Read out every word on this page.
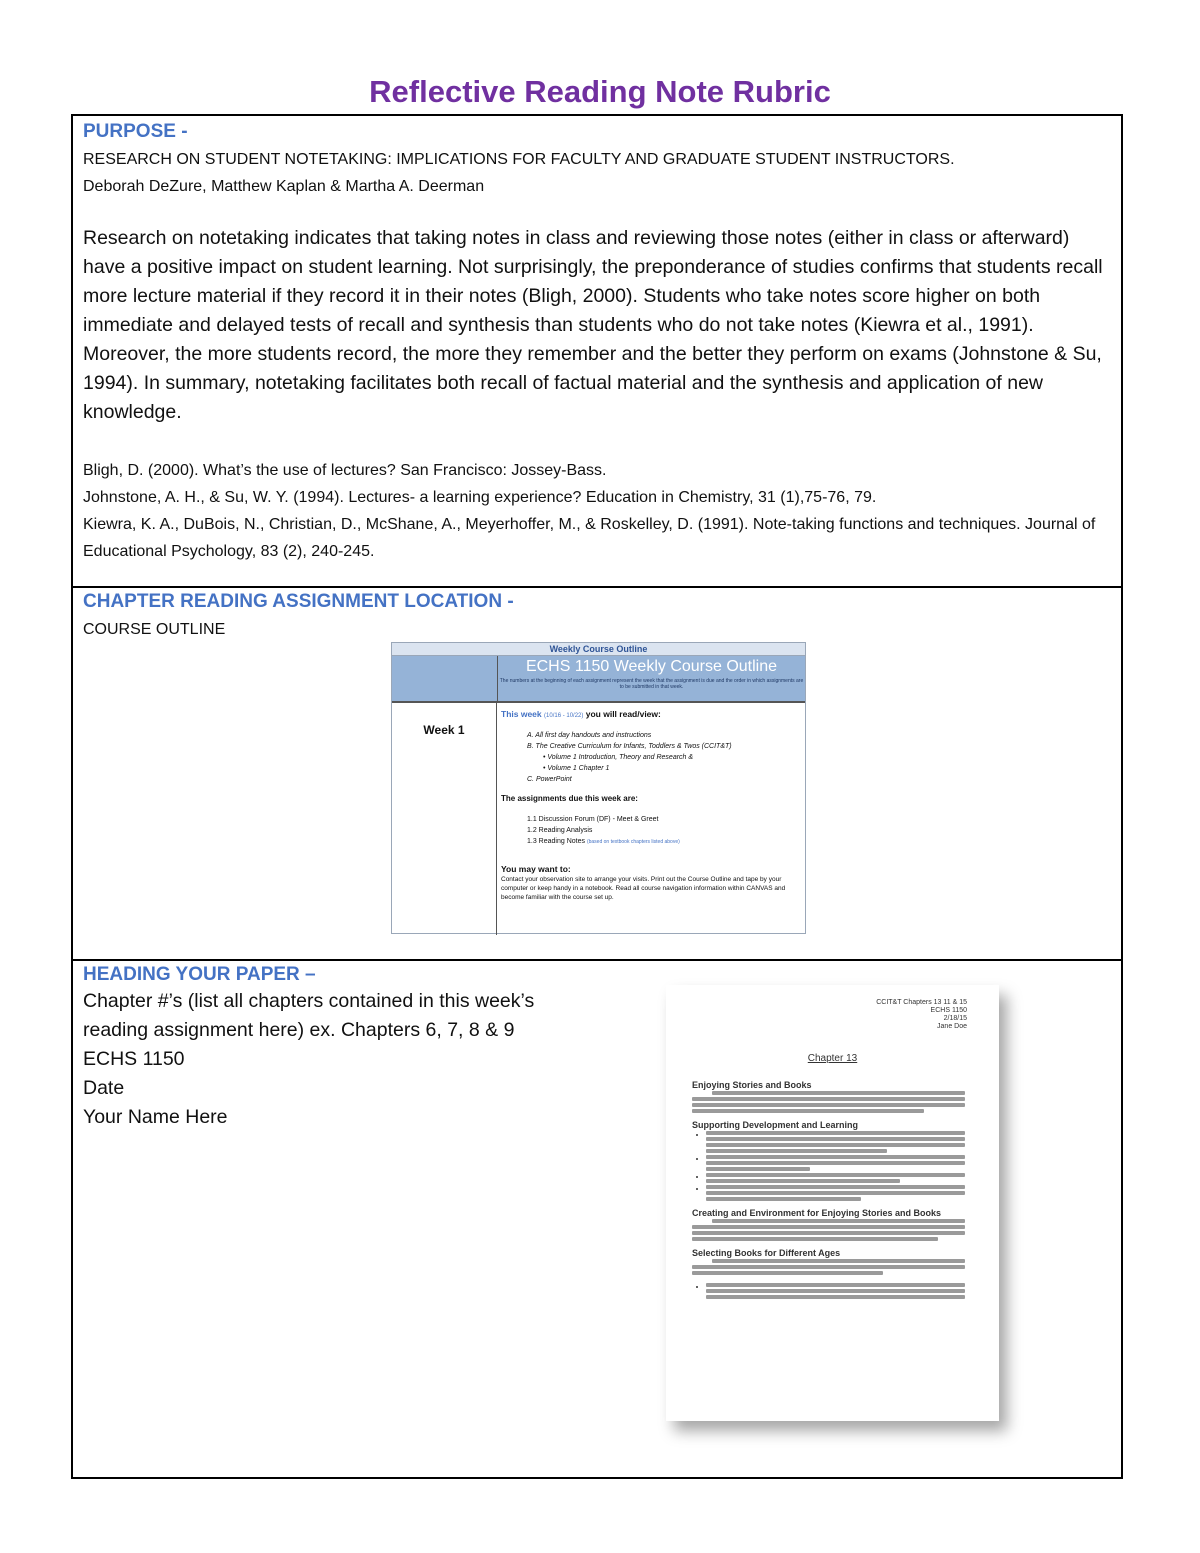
Reflective Reading Note Rubric

PURPOSE -

RESEARCH ON STUDENT NOTETAKING: IMPLICATIONS FOR FACULTY AND GRADUATE STUDENT INSTRUCTORS.

Deborah DeZure, Matthew Kaplan & Martha A. Deerman

Research on notetaking indicates that taking notes in class and reviewing those notes (either in class or afterward) have a positive impact on student learning. Not surprisingly, the preponderance of studies confirms that students recall more lecture material if they record it in their notes (Bligh, 2000). Students who take notes score higher on both immediate and delayed tests of recall and synthesis than students who do not take notes (Kiewra et al., 1991). Moreover, the more students record, the more they remember and the better they perform on exams (Johnstone & Su, 1994). In summary, notetaking facilitates both recall of factual material and the synthesis and application of new knowledge.

Bligh, D. (2000). What’s the use of lectures? San Francisco: Jossey-Bass.

Johnstone, A. H., & Su, W. Y. (1994). Lectures- a learning experience? Education in Chemistry, 31 (1),75-76, 79.

Kiewra, K. A., DuBois, N., Christian, D., McShane, A., Meyerhoffer, M., & Roskelley, D. (1991). Note-taking functions and techniques. Journal of Educational Psychology, 83 (2), 240-245.

CHAPTER READING ASSIGNMENT LOCATION -

COURSE OUTLINE

Weekly Course Outline
ECHS 1150 Weekly Course Outline
The numbers at the beginning of each assignment represent the week that the assignment is due and the order in which assignments are to be submitted in that week.
Week 1
This week (10/16 - 10/22) you will read/view:
A. All first day handouts and instructions
B. The Creative Curriculum for Infants, Toddlers & Twos (CCIT&T)
• Volume 1 Introduction, Theory and Research &
• Volume 1 Chapter 1
C. PowerPoint
The assignments due this week are:
1.1 Discussion Forum (DF) - Meet & Greet
1.2 Reading Analysis
1.3 Reading Notes (based on textbook chapters listed above)
You may want to:
Contact your observation site to arrange your visits. Print out the Course Outline and tape by your computer or keep handy in a notebook. Read all course navigation information within CANVAS and become familiar with the course set up.

HEADING YOUR PAPER –

Chapter #’s (list all chapters contained in this week’s

reading assignment here) ex. Chapters 6, 7, 8 & 9

ECHS 1150

Date

Your Name Here

CCIT&T Chapters 13 11 & 15
ECHS 1150
2/18/15
Jane Doe
Chapter 13
Enjoying Stories and Books
Supporting Development and Learning
•
•
•
•
Creating and Environment for Enjoying Stories and Books
Selecting Books for Different Ages
•
